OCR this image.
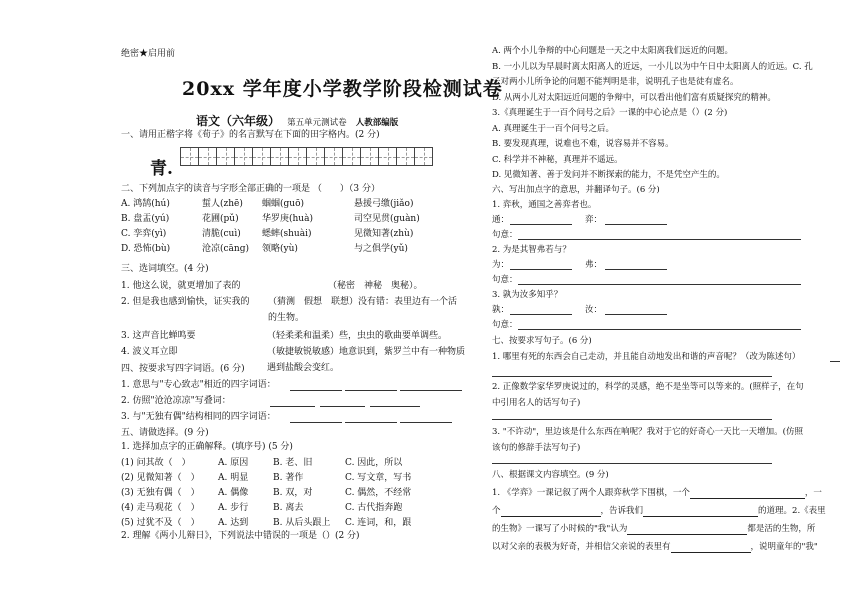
绝密★启用前
20xx 学年度小学教学阶段检测试卷
语文（六年级） 第五单元测试卷 人教部编版
一、请用正楷字将《荀子》的名言默写在下面的田字格内。(2 分)
青.
二、下列加点字的读音与字形全部正确的一项是 （　　）（3 分）
A. 鸿鹄(hú)	蜇人(zhē) 蝈蝈(guō)	悬援弓缴(jiǎo)
B. 盘盂(yú)	花圃(pǔ)	华罗庚(huà)	司空见贯(guàn)
C. 孪弈(yì)	清脆(cuì) 蟋蟀(shuài)	见微知著(zhù)
D. 恐怖(bù)	沧凉(cāng) 领略(yù)	与之俱学(yǔ)
三、选词填空。(4 分)
1. 他这么说，就更增加了表的	（秘密　神秘　奥秘）。
2. 但是我也感到愉快，证实我的 （猜测　假想　联想）没有错：表里边有一个活
的生物。
3. 这声音比蝉鸣要	（轻柔柔和温柔）些，虫虫的歌曲要单调些。
4. 波义耳立即	（敏捷敏锐敏感）地意识到，紫罗兰中有一种物质
遇到盐酸会变红。
四、按要求写四字词语。(6 分)
1. 意思与"专心致志"相近的四字词语：
2. 仿照"沧沧凉凉"写叠词：
3. 与"无独有偶"结构相同的四字词语：
五、请做选择。(9 分)
1. 选择加点字的正确解释。(填序号) (5 分)
(1) 问其故（　）	A. 原因	B. 老、旧	C. 因此，所以
(2) 见微知著（　） A. 明显	B. 著作	C. 写文章，写书
(3) 无独有偶（　） A. 偶像	B. 双，对	C. 偶然，不经常
(4) 走马观花（　） A. 步行	B. 离去	C. 古代指奔跑
(5) 过犹不及（　） A. 达到	B. 从后头跟上 C. 连词，和，跟
2. 理解《两小儿辩日》，下列说法中错误的一项是（）(2 分)
A. 两个小儿争辩的中心问题是一天之中太阳离我们远近的问题。
B. 一小儿以为早晨时离太阳离人的近远，一小儿以为中午日中太阳离人的近远。C. 孔
子对两小儿所争论的问题不能判明是非，说明孔子也是徒有虚名。
D. 从两小儿对太阳远近问题的争辩中，可以看出他们富有质疑探究的精神。
3.《真理诞生于一百个问号之后》一课的中心论点是（）(2 分)
A. 真理诞生于一百个问号之后。
B. 要发现真理，说难也不难，说容易并不容易。
C. 科学并不神秘，真理并不遥远。
D. 见微知著、善于发问并不断探索的能力，不是凭空产生的。
六、写出加点字的意思，并翻译句子。(6 分)
1. 弈秋，通国之善弈者也。
通：	弈：
句意：
2. 为是其智弗若与？
为：	弗：
句意：
3. 孰为汝多知乎？
孰：	汝：
句意：
七、按要求写句子。(6 分)
1. 哪里有死的东西会自己走动，并且能自动地发出和谐的声音呢？（改为陈述句）
2. 正像数学家华罗庚说过的，科学的灵感，绝不是坐等可以等来的。(照样子，在句
中引用名人的话写句子)
3. "不许动"，里边该是什么东西在响呢？我对于它的好奇心一天比一天增加。(仿照
该句的修辞手法写句子)
八、根据课文内容填空。(9 分)
1. 《学弈》一课记叙了两个人跟弈秋学下围棋，一个	，一
个	，告诉我们	的道理。2.《表里
的生物》一课写了小时候的"我"认为	都是活的生物，所
以对父亲的表极为好奇，并相信父亲说的表里有	，说明童年的"我"
